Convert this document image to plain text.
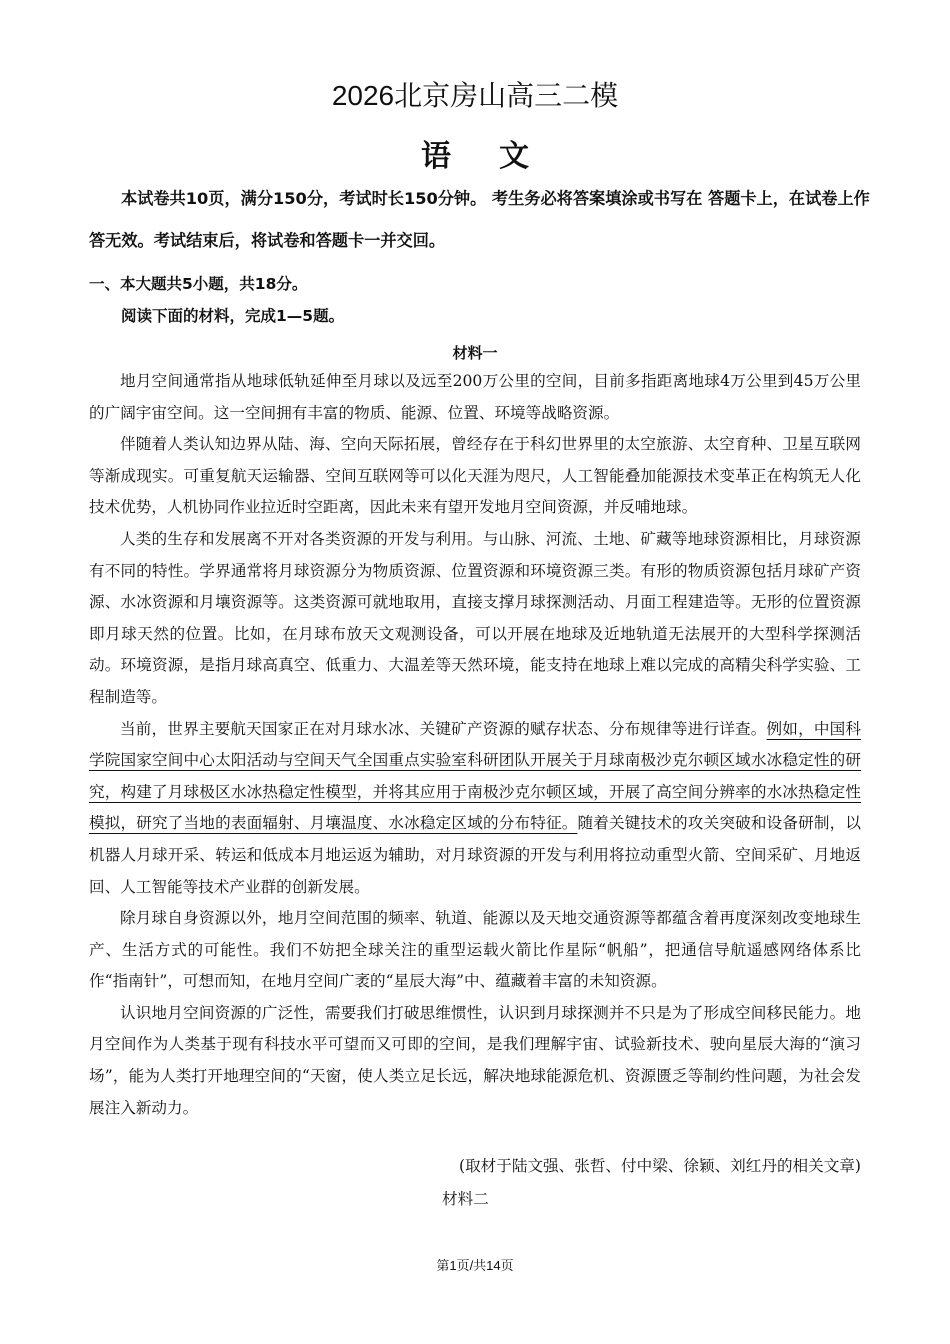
2026北京房山高三二模
语文
本试卷共10页，满分150分，考试时长150分钟。 考生务必将答案填涂或书写在 答题卡上，在试卷上作答无效。考试结束后，将试卷和答题卡一并交回。
一、本大题共5小题，共18分。
阅读下面的材料，完成1—5题。
材料一

地月空间通常指从地球低轨延伸至月球以及远至200万公里的空间，目前多指距离地球4万公里到45万公里的广阔宇宙空间。这一空间拥有丰富的物质、能源、位置、环境等战略资源。

伴随着人类认知边界从陆、海、空向天际拓展，曾经存在于科幻世界里的太空旅游、太空育种、卫星互联网等渐成现实。可重复航天运输器、空间互联网等可以化天涯为咫尺，人工智能叠加能源技术变革正在构筑无人化技术优势，人机协同作业拉近时空距离，因此未来有望开发地月空间资源，并反哺地球。

人类的生存和发展离不开对各类资源的开发与利用。与山脉、河流、土地、矿藏等地球资源相比，月球资源有不同的特性。学界通常将月球资源分为物质资源、位置资源和环境资源三类。有形的物质资源包括月球矿产资源、水冰资源和月壤资源等。这类资源可就地取用，直接支撑月球探测活动、月面工程建造等。无形的位置资源即月球天然的位置。比如，在月球布放天文观测设备，可以开展在地球及近地轨道无法展开的大型科学探测活动。环境资源，是指月球高真空、低重力、大温差等天然环境，能支持在地球上难以完成的高精尖科学实验、工程制造等。

当前，世界主要航天国家正在对月球水冰、关键矿产资源的赋存状态、分布规律等进行详查。例如，中国科学院国家空间中心太阳活动与空间天气全国重点实验室科研团队开展关于月球南极沙克尔顿区域水冰稳定性的研究，构建了月球极区水冰热稳定性模型，并将其应用于南极沙克尔顿区域，开展了高空间分辨率的水冰热稳定性模拟，研究了当地的表面辐射、月壤温度、水冰稳定区域的分布特征。随着关键技术的攻关突破和设备研制，以机器人月球开采、转运和低成本月地运返为辅助，对月球资源的开发与利用将拉动重型火箭、空间采矿、月地返回、人工智能等技术产业群的创新发展。

除月球自身资源以外，地月空间范围的频率、轨道、能源以及天地交通资源等都蕴含着再度深刻改变地球生产、生活方式的可能性。我们不妨把全球关注的重型运载火箭比作星际“帆船”，把通信导航遥感网络体系比作“指南针”，可想而知，在地月空间广袤的“星辰大海”中、蕴藏着丰富的未知资源。

认识地月空间资源的广泛性，需要我们打破思维惯性，认识到月球探测并不只是为了形成空间移民能力。地月空间作为人类基于现有科技水平可望而又可即的空间，是我们理解宇宙、试验新技术、驶向星辰大海的“演习场”，能为人类打开地理空间的“天窗，使人类立足长远，解决地球能源危机、资源匮乏等制约性问题，为社会发展注入新动力。

(取材于陆文强、张哲、付中梁、徐颖、刘红丹的相关文章)
材料二
第1页/共14页
